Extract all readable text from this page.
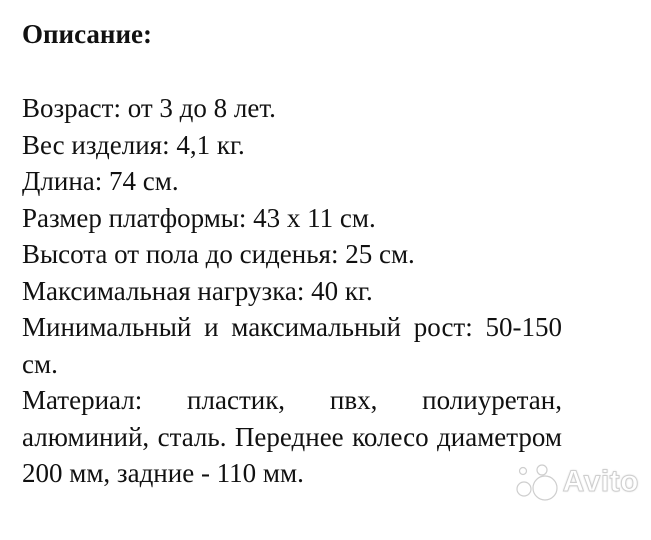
Описание:
Возраст: от 3 до 8 лет.
Вес изделия: 4,1 кг.
Длина: 74 см.
Размер платформы: 43 х 11 см.
Высота от пола до сиденья: 25 см.
Максимальная нагрузка: 40 кг.
Минимальный и максимальный рост: 50-150 см.
Материал: пластик, пвх, полиуретан, алюминий, сталь. Переднее колесо диаметром 200 мм, задние - 110 мм.	Avito
